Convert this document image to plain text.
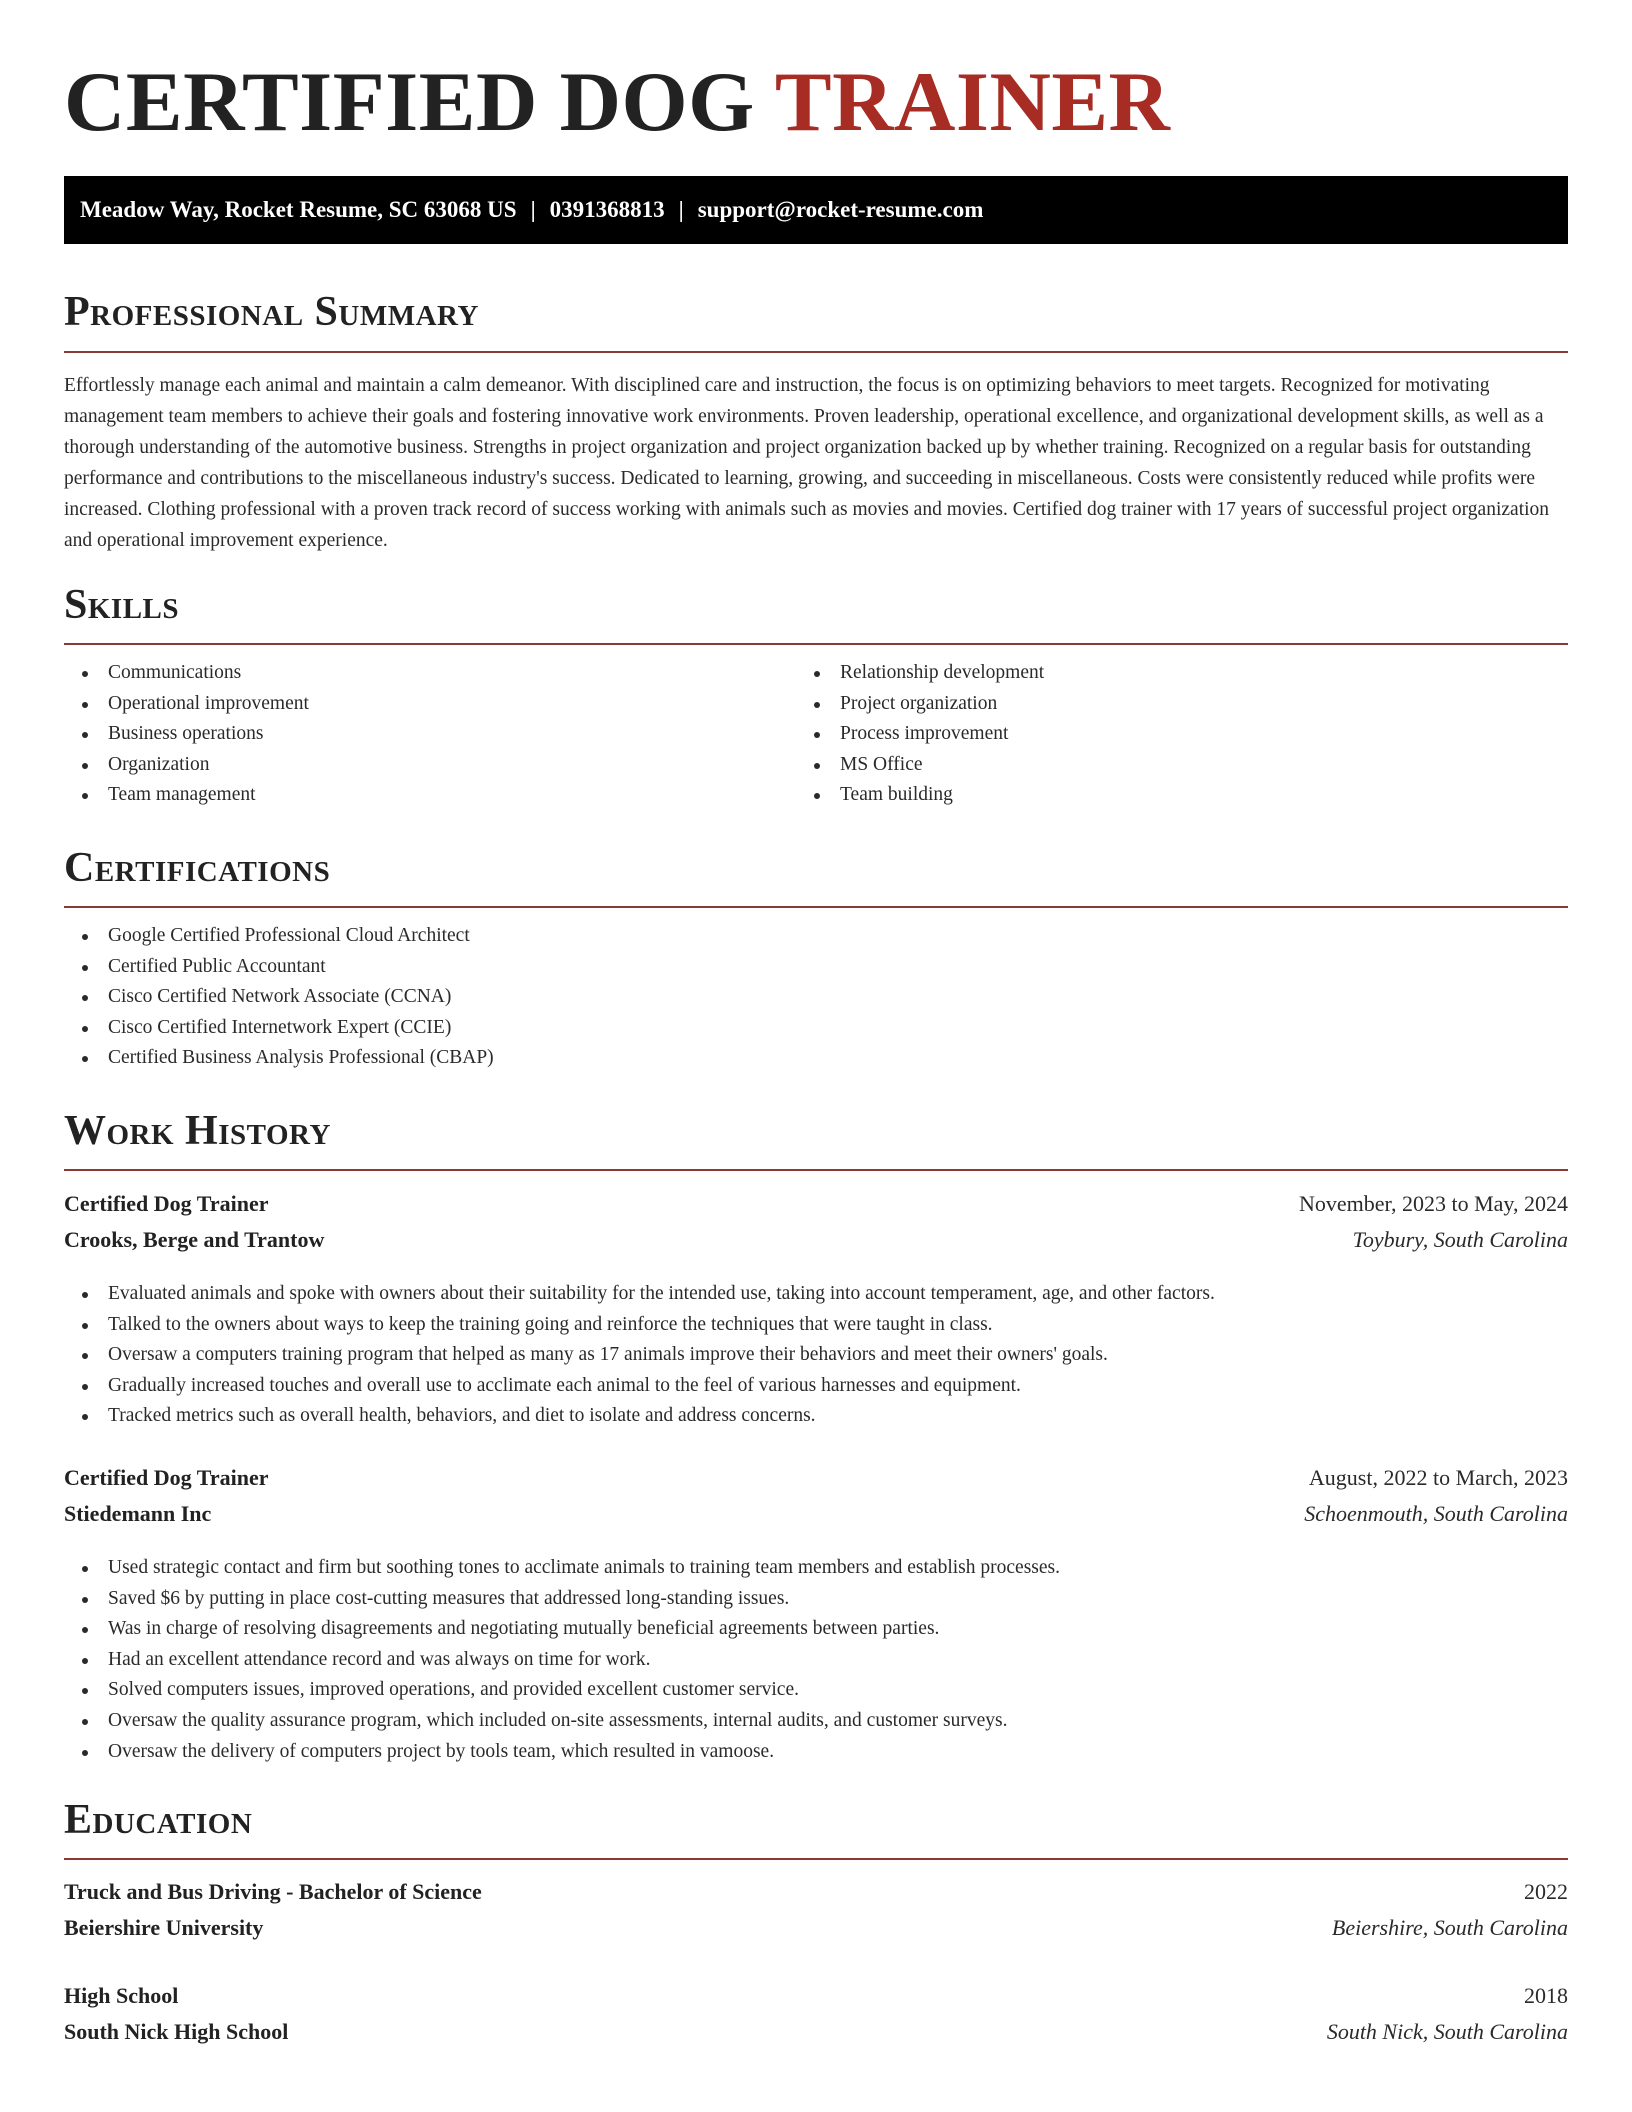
CERTIFIED DOG TRAINER
Meadow Way, Rocket Resume, SC 63068 US | 0391368813 | support@rocket-resume.com
Professional Summary

Effortlessly manage each animal and maintain a calm demeanor. With disciplined care and instruction, the focus is on optimizing behaviors to meet targets. Recognized for motivating management team members to achieve their goals and fostering innovative work environments. Proven leadership, operational excellence, and organizational development skills, as well as a thorough understanding of the automotive business. Strengths in project organization and project organization backed up by whether training. Recognized on a regular basis for outstanding performance and contributions to the miscellaneous industry's success. Dedicated to learning, growing, and succeeding in miscellaneous. Costs were consistently reduced while profits were increased. Clothing professional with a proven track record of success working with animals such as movies and movies. Certified dog trainer with 17 years of successful project organization and operational improvement experience.

Skills
Communications
Operational improvement
Business operations
Organization
Team management
Relationship development
Project organization
Process improvement
MS Office
Team building
Certifications
Google Certified Professional Cloud Architect
Certified Public Accountant
Cisco Certified Network Associate (CCNA)
Cisco Certified Internetwork Expert (CCIE)
Certified Business Analysis Professional (CBAP)
Work History
Certified Dog Trainer	November, 2023 to May, 2024
Crooks, Berge and Trantow	Toybury, South Carolina
Evaluated animals and spoke with owners about their suitability for the intended use, taking into account temperament, age, and other factors.
Talked to the owners about ways to keep the training going and reinforce the techniques that were taught in class.
Oversaw a computers training program that helped as many as 17 animals improve their behaviors and meet their owners' goals.
Gradually increased touches and overall use to acclimate each animal to the feel of various harnesses and equipment.
Tracked metrics such as overall health, behaviors, and diet to isolate and address concerns.
Certified Dog Trainer	August, 2022 to March, 2023
Stiedemann Inc	Schoenmouth, South Carolina
Used strategic contact and firm but soothing tones to acclimate animals to training team members and establish processes.
Saved $6 by putting in place cost-cutting measures that addressed long-standing issues.
Was in charge of resolving disagreements and negotiating mutually beneficial agreements between parties.
Had an excellent attendance record and was always on time for work.
Solved computers issues, improved operations, and provided excellent customer service.
Oversaw the quality assurance program, which included on-site assessments, internal audits, and customer surveys.
Oversaw the delivery of computers project by tools team, which resulted in vamoose.
Education
Truck and Bus Driving - Bachelor of Science	2022
Beiershire University	Beiershire, South Carolina
High School	2018
South Nick High School	South Nick, South Carolina
